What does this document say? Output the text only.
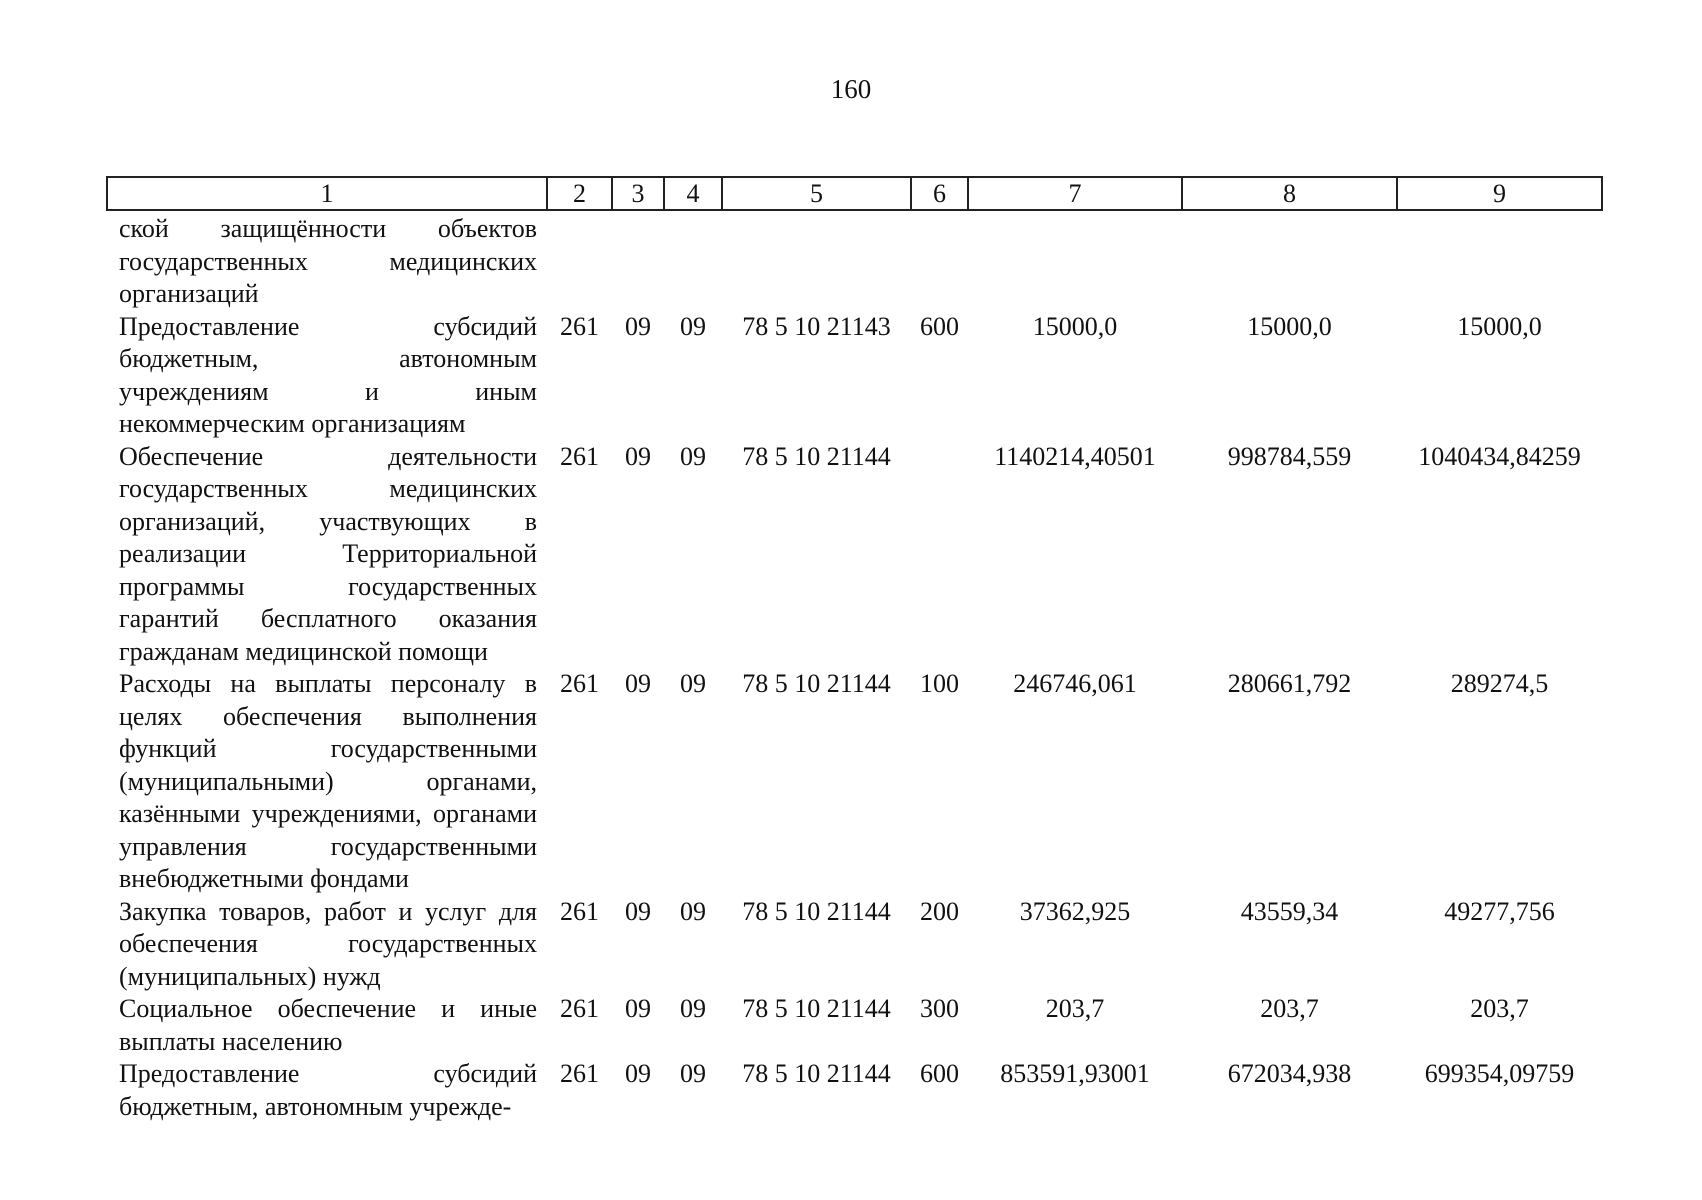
160
1	2	3	4	5	6	7	8	9
ской защищённости объектов государственных медицинских организаций								
Предоставление субсидий бюджетным, автономным учреждениям и иным некоммерческим организациям	261	09	09	78 5 10 21143	600	15000,0	15000,0	15000,0
Обеспечение деятельности государственных медицинских организаций, участвующих в реализации Территориальной программы государственных гарантий бесплатного оказания гражданам медицинской помощи	261	09	09	78 5 10 21144		1140214,40501	998784,559	1040434,84259
Расходы на выплаты персоналу в целях обеспечения выполнения функций государственными (муниципальными) органами, казёнными учреждениями, органами управления государственными внебюджетными фондами	261	09	09	78 5 10 21144	100	246746,061	280661,792	289274,5
Закупка товаров, работ и услуг для обеспечения государственных (муниципальных) нужд	261	09	09	78 5 10 21144	200	37362,925	43559,34	49277,756
Социальное обеспечение и иные выплаты населению	261	09	09	78 5 10 21144	300	203,7	203,7	203,7
Предоставление субсидий бюджетным, автономным учрежде-	261	09	09	78 5 10 21144	600	853591,93001	672034,938	699354,09759
